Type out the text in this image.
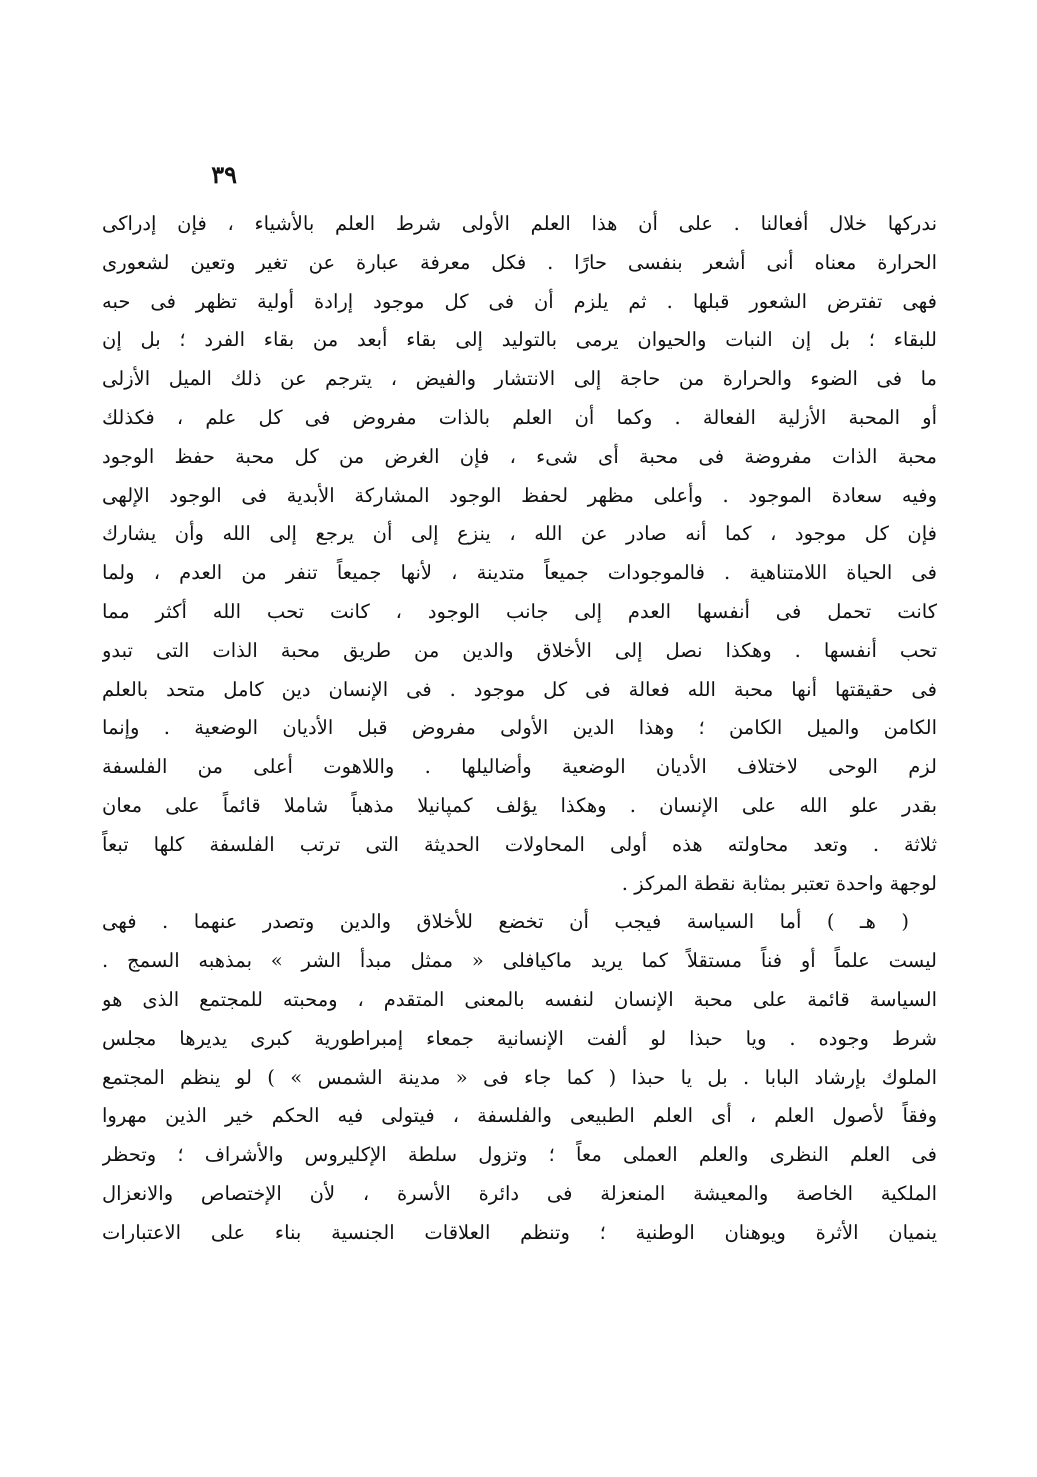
٣٩
ندركها خلال أفعالنا . على أن هذا العلم الأولى شرط العلم بالأشياء ، فإن إدراكى
الحرارة معناه أنى أشعر بنفسى حارًا . فكل معرفة عبارة عن تغير وتعين لشعورى
فهى تفترض الشعور قبلها . ثم يلزم أن فى كل موجود إرادة أولية تظهر فى حبه
للبقاء ؛ بل إن النبات والحيوان يرمى بالتوليد إلى بقاء أبعد من بقاء الفرد ؛ بل إن
ما فى الضوء والحرارة من حاجة إلى الانتشار والفيض ، يترجم عن ذلك الميل الأزلى
أو المحبة الأزلية الفعالة . وكما أن العلم بالذات مفروض فى كل علم ، فكذلك
محبة الذات مفروضة فى محبة أى شىء ، فإن الغرض من كل محبة حفظ الوجود
وفيه سعادة الموجود . وأعلى مظهر لحفظ الوجود المشاركة الأبدية فى الوجود الإلهى
فإن كل موجود ، كما أنه صادر عن الله ، ينزع إلى أن يرجع إلى الله وأن يشارك
فى الحياة اللامتناهية . فالموجودات جميعاً متدينة ، لأنها جميعاً تنفر من العدم ، ولما
كانت تحمل فى أنفسها العدم إلى جانب الوجود ، كانت تحب الله أكثر مما
تحب أنفسها . وهكذا نصل إلى الأخلاق والدين من طريق محبة الذات التى تبدو
فى حقيقتها أنها محبة الله فعالة فى كل موجود . فى الإنسان دين كامل متحد بالعلم
الكامن والميل الكامن ؛ وهذا الدين الأولى مفروض قبل الأديان الوضعية . وإنما
لزم الوحى لاختلاف الأديان الوضعية وأضاليلها . واللاهوت أعلى من الفلسفة
بقدر علو الله على الإنسان . وهكذا يؤلف كمپانيلا مذهباً شاملا قائماً على معان
ثلاثة . وتعد محاولته هذه أولى المحاولات الحديثة التى ترتب الفلسفة كلها تبعاً
لوجهة واحدة تعتبر بمثابة نقطة المركز .
( هـ ) أما السياسة فيجب أن تخضع للأخلاق والدين وتصدر عنهما . فهى
ليست علماً أو فناً مستقلاً كما يريد ماكيافلى « ممثل مبدأ الشر » بمذهبه السمج .
السياسة قائمة على محبة الإنسان لنفسه بالمعنى المتقدم ، ومحبته للمجتمع الذى هو
شرط وجوده . ويا حبذا لو ألفت الإنسانية جمعاء إمبراطورية كبرى يديرها مجلس
الملوك بإرشاد البابا . بل يا حبذا ( كما جاء فى « مدينة الشمس » ) لو ينظم المجتمع
وفقاً لأصول العلم ، أى العلم الطبيعى والفلسفة ، فيتولى فيه الحكم خير الذين مهروا
فى العلم النظرى والعلم العملى معاً ؛ وتزول سلطة الإكليروس والأشراف ؛ وتحظر
الملكية الخاصة والمعيشة المنعزلة فى دائرة الأسرة ، لأن الإختصاص والانعزال
ينميان الأثرة ويوهنان الوطنية ؛ وتنظم العلاقات الجنسية بناء على الاعتبارات
